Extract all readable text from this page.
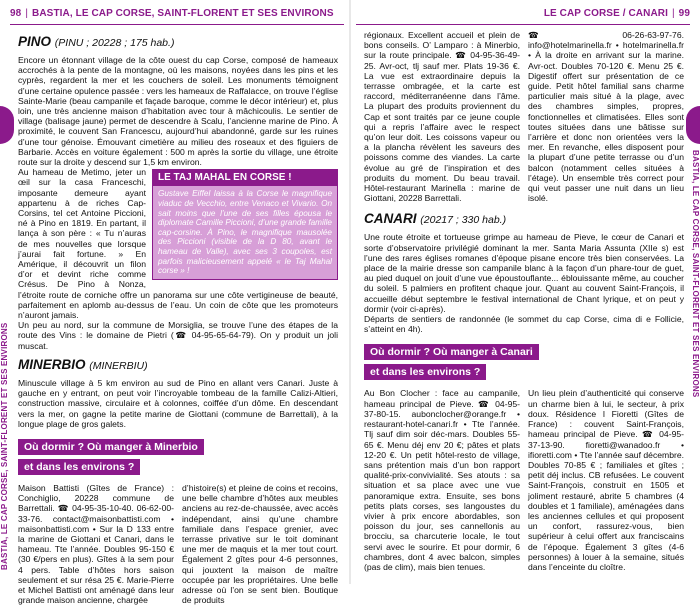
98 | BASTIA, LE CAP CORSE, SAINT-FLORENT ET SES ENVIRONS
BASTIA, LE CAP CORSE, SAINT-FLORENT ET SES ENVIRONS
PINO (PINU ; 20228 ; 175 hab.)

Encore un étonnant village de la côte ouest du cap Corse, composé de hameaux accrochés à la pente de la montagne, où les maisons, noyées dans les pins et les cyprès, regardent la mer et les couchers de soleil. Les monuments témoignent d’une certaine opulence passée : vers les hameaux de Raffalacce, on trouve l’église Sainte-Marie (beau campanile et façade baroque, comme le décor intérieur) et, plus loin, une très ancienne maison d’habitation avec tour à mâchicoulis. Le sentier de village (balisage jaune) permet de descendre à Scalu, l’ancienne marine de Pino. À proximité, le couvent San Francescu, aujourd’hui abandonné, garde sur les ruines d’une tour génoise. Émouvant cimetière au milieu des roseaux et des figuiers de Barbarie. Accès en voiture également : 500 m après la sortie du village, une étroite route sur la droite y descend sur 1,5 km environ.

LE TAJ MAHAL EN CORSE !
Gustave Eiffel laissa à la Corse le magnifique viaduc de Vecchio, entre Venaco et Vivario. On sait moins que l’une de ses filles épousa le diplomate Camille Piccioni, d’une grande famille cap-corsine. À Pino, le magnifique mausolée des Piccioni (visible de la D 80, avant le hameau de Valle), avec ses 3 coupoles, est parfois malicieusement appelé « le Taj Mahal corse » !

Au hameau de Metimo, jeter un œil sur la casa Franceschi, imposante demeure ayant appartenu à de riches Cap-Corsins, tel cet Antoine Piccioni, né à Pino en 1819. En partant, il lança à son père : « Tu n’auras de mes nouvelles que lorsque j’aurai fait fortune. » En Amérique, il découvrit un filon d’or et devint riche comme Crésus. De Pino à Nonza, l’étroite route de corniche offre un panorama sur une côte vertigineuse de beauté, parfaitement en aplomb au-dessus de l’eau. Un coin de côte que les promoteurs n’auront jamais.

Un peu au nord, sur la commune de Morsiglia, se trouve l’une des étapes de la route des Vins : le domaine de Pietri (☎ 04-95-65-64-79). On y produit un joli muscat.

MINERBIO (MINERBIU)

Minuscule village à 5 km environ au sud de Pino en allant vers Canari. Juste à gauche en y entrant, on peut voir l’incroyable tombeau de la famille Calizi-Altieri, construction massive, circulaire et à colonnes, coiffée d’un dôme. En descendant vers la mer, on gagne la petite marine de Giottani (commune de Barrettali), à la longue plage de gros galets.

Où dormir ? Où manger à Minerbio
et dans les environs ?
Maison Battisti (Gîtes de France) : Conchiglio, 20228 commune de Barrettali. ☎ 04-95-35-10-40. 06-62-00-33-76. contact@maisonbattisti.com • maisonbattisti.com • Sur la D 133 entre la marine de Giottani et Canari, dans le hameau. Tte l’année. Doubles 95-150 € (30 €/pers en plus). Gîtes à la sem pour 4 pers. Table d’hôtes hors saison seulement et sur résa 25 €. Marie-Pierre et Michel Battisti ont aménagé dans leur grande maison ancienne, chargée
d’histoire(s) et pleine de coins et recoins, une belle chambre d’hôtes aux meubles anciens au rez-de-chaussée, avec accès indépendant, ainsi qu’une chambre familiale dans l’espace grenier, avec terrasse privative sur le toit dominant une mer de maquis et la mer tout court. Également 2 gîtes pour 4-6 personnes, qui jouxtent la maison de maître occupée par les propriétaires. Une belle adresse où l’on se sent bien. Boutique de produits
LE CAP CORSE / CANARI | 99
BASTIA, LE CAP CORSE, SAINT-FLORENT ET SES ENVIRONS
régionaux. Excellent accueil et plein de bons conseils. O’ Lamparo : à Minerbio, sur la route principale. ☎ 04-95-36-49-25. Avr-oct, tlj sauf mer. Plats 19-36 €. La vue est extraordinaire depuis la terrasse ombragée, et la carte est raccord, méditerranéenne dans l’âme. La plupart des produits proviennent du Cap et sont traités par ce jeune couple qui a repris l’affaire avec le respect qu’on leur doit. Les coissons vapeur ou a la plancha révèlent les saveurs des poissons comme des viandes. La carte évolue au gré de l’inspiration et des produits du moment. Du beau travail. Hôtel-restaurant Marinella : marine de Giottani, 20228 Barrettali.
☎ 06-26-63-97-76. info@hotelmarinella.fr • hotelmarinella.fr • À la droite en arrivant sur la marine. Avr-oct. Doubles 70-120 €. Menu 25 €. Digestif offert sur présentation de ce guide. Petit hôtel familial sans charme particulier mais situé à la plage, avec des chambres simples, propres, fonctionnelles et climatisées. Elles sont toutes situées dans une bâtisse sur l’arrière et donc non orientées vers la mer. En revanche, elles disposent pour la plupart d’une petite terrasse ou d’un balcon (notamment celles situées à l’étage). Un ensemble très correct pour qui veut passer une nuit dans un lieu isolé.
CANARI (20217 ; 330 hab.)

Une route étroite et tortueuse grimpe au hameau de Pieve, le cœur de Canari et sorte d’observatoire privilégié dominant la mer. Santa Maria Assunta (XIIe s) est l’une des rares églises romanes d’époque pisane encore très bien conservées. La place de la mairie dresse son campanile blanc à la façon d’un phare-tour de guet, au pied duquel on jouit d’une vue époustouflante... éblouissante même, au coucher du soleil. 5 palmiers en profitent chaque jour. Quant au couvent Saint-François, il accueille début septembre le festival international de Chant lyrique, et on peut y dormir (voir ci-après).

Départs de sentiers de randonnée (le sommet du cap Corse, cima di e Follicie, s’atteint en 4h).

Où dormir ? Où manger à Canari
et dans les environs ?
Au Bon Clocher : face au campanile, hameau principal de Pieve. ☎ 04-95-37-80-15. aubonclocher@orange.fr • restaurant-hotel-canari.fr • Tte l’année. Tlj sauf dim soir déc-mars. Doubles 55-65 €. Menu déj env 20 €; pâtes et plats 12-20 €. Un petit hôtel-resto de village, sans prétention mais d’un bon rapport qualité-prix-convivialité. Ses atouts : sa situation et sa place avec une vue panoramique extra. Ensuite, ses bons petits plats corses, ses langoustes du vivier à prix encore abordables, son poisson du jour, ses cannellonis au brocciu, sa charcuterie locale, le tout servi avec le sourire. Et pour dormir, 6 chambres, dont 4 avec balcon, simples (pas de clim), mais bien tenues.
Un lieu plein d’authenticité qui conserve un charme bien à lui, le secteur, à prix doux. Résidence I Fioretti (Gîtes de France) : couvent Saint-François, hameau principal de Pieve. ☎ 04-95-37-13-90. fioretti@wanadoo.fr • ifioretti.com • Tte l’année sauf décembre. Doubles 70-85 € ; familiales et gîtes ; petit déj inclus. CB refusées. Le couvent Saint-François, construit en 1505 et joliment restauré, abrite 5 chambres (4 doubles et 1 familiale), aménagées dans les anciennes cellules et qui proposent un confort, rassurez-vous, bien supérieur à celui offert aux franciscains de l’époque. Également 3 gîtes (4-6 personnes) à louer à la semaine, situés dans l’enceinte du cloître.
